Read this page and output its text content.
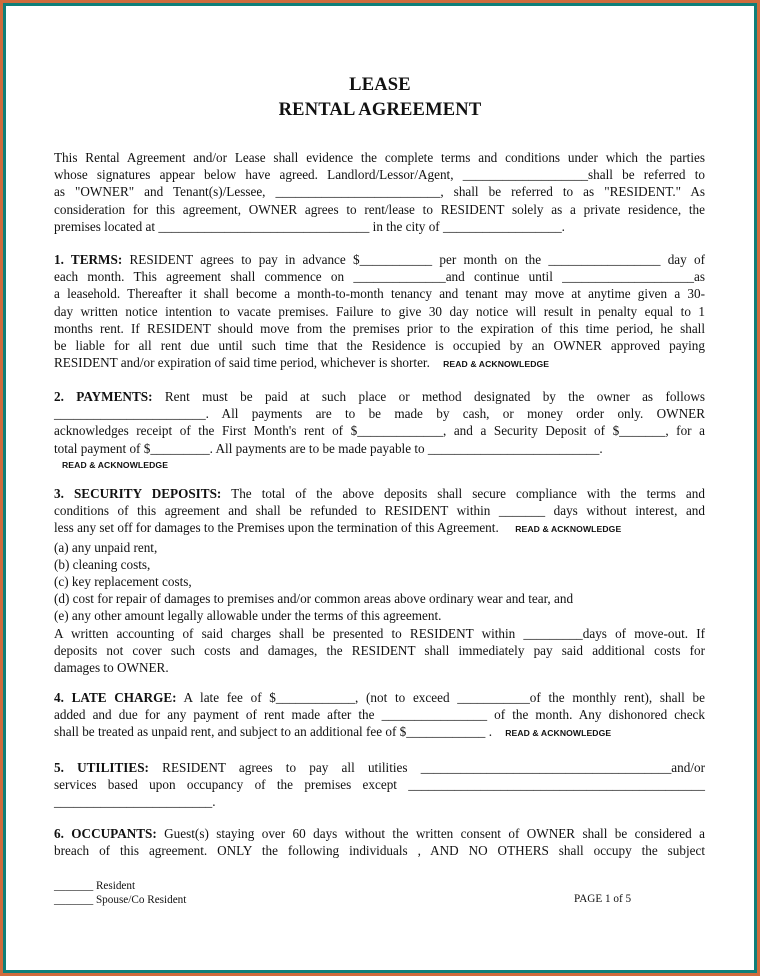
LEASE
RENTAL AGREEMENT
This Rental Agreement and/or Lease shall evidence the complete terms and conditions under which the parties
whose signatures appear below have agreed. Landlord/Lessor/Agent, ___________________shall be referred to
as "OWNER" and Tenant(s)/Lessee, _________________________, shall be referred to as "RESIDENT." As
consideration for this agreement, OWNER agrees to rent/lease to RESIDENT solely as a private residence, the
premises located at ________________________________ in the city of __________________.
1. TERMS: RESIDENT agrees to pay in advance $___________ per month on the _________________ day of
each month. This agreement shall commence on ______________and continue until ____________________as
a leasehold. Thereafter it shall become a month-to-month tenancy and tenant may move at anytime given a 30-
day written notice intention to vacate premises. Failure to give 30 day notice will result in penalty equal to 1
months rent. If RESIDENT should move from the premises prior to the expiration of this time period, he shall
be liable for all rent due until such time that the Residence is occupied by an OWNER approved paying
RESIDENT and/or expiration of said time period, whichever is shorter. READ & ACKNOWLEDGE
2. PAYMENTS: Rent must be paid at such place or method designated by the owner as follows
_______________________. All payments are to be made by cash, or money order only. OWNER
acknowledges receipt of the First Month's rent of $_____________, and a Security Deposit of $_______, for a
total payment of $_________. All payments are to be made payable to __________________________.
READ & ACKNOWLEDGE
3. SECURITY DEPOSITS: The total of the above deposits shall secure compliance with the terms and
conditions of this agreement and shall be refunded to RESIDENT within _______ days without interest, and
less any set off for damages to the Premises upon the termination of this Agreement. READ & ACKNOWLEDGE
(a) any unpaid rent,
(b) cleaning costs,
(c) key replacement costs,
(d) cost for repair of damages to premises and/or common areas above ordinary wear and tear, and
(e) any other amount legally allowable under the terms of this agreement.
A written accounting of said charges shall be presented to RESIDENT within _________days of move-out. If
deposits not cover such costs and damages, the RESIDENT shall immediately pay said additional costs for
damages to OWNER.
4. LATE CHARGE: A late fee of $____________, (not to exceed ___________of the monthly rent), shall be
added and due for any payment of rent made after the ________________ of the month. Any dishonored check
shall be treated as unpaid rent, and subject to an additional fee of $____________ . READ & ACKNOWLEDGE
5. UTILITIES: RESIDENT agrees to pay all utilities ______________________________________and/or
services based upon occupancy of the premises except _____________________________________________
________________________.
6. OCCUPANTS: Guest(s) staying over 60 days without the written consent of OWNER shall be considered a
breach of this agreement. ONLY the following individuals , AND NO OTHERS shall occupy the subject
_______ Resident
_______ Spouse/Co Resident	PAGE 1 of 5
